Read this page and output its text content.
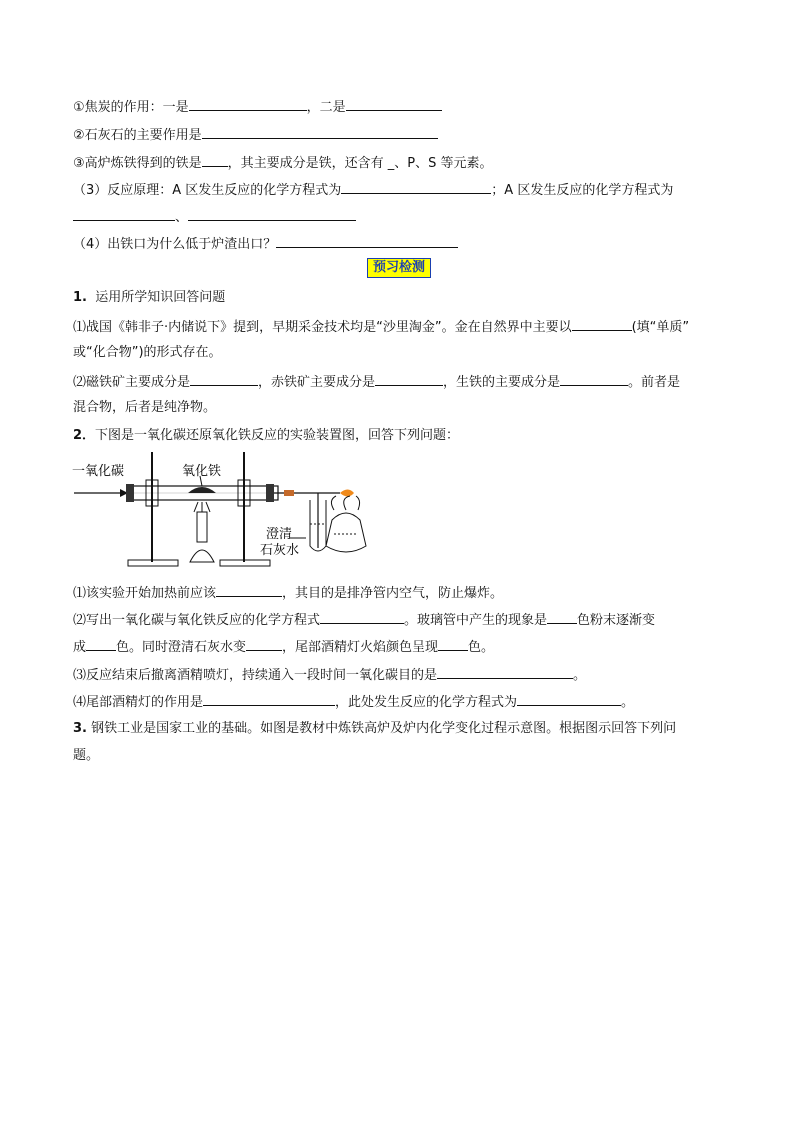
①焦炭的作用：一是	，二是
②石灰石的主要作用是
③高炉炼铁得到的铁是 ，其主要成分是铁，还含有 _、P、S 等元素。
（3）反应原理：A 区发生反应的化学方程式为	；A 区发生反应的化学方程式为
、
（4）出铁口为什么低于炉渣出口？
预习检测
1. 运用所学知识回答问题
⑴战国《韩非子·内储说下》提到，早期采金技术均是“沙里淘金”。金在自然界中主要以	(填“单质”
或“化合物”)的形式存在。
⑵磁铁矿主要成分是	，赤铁矿主要成分是	，生铁的主要成分是	。前者是
混合物，后者是纯净物。
2．下图是一氧化碳还原氧化铁反应的实验装置图，回答下列问题：
一氧化碳	氧化铁
澄清
石灰水
⑴该实验开始加热前应该	，其目的是排净管内空气，防止爆炸。
⑵写出一氧化碳与氧化铁反应的化学方程式	。玻璃管中产生的现象是 色粉末逐渐变
成 色。同时澄清石灰水变	，尾部酒精灯火焰颜色呈现 色。
⑶反应结束后撤离酒精喷灯，持续通入一段时间一氧化碳目的是	。
⑷尾部酒精灯的作用是	，此处发生反应的化学方程式为	。
3. 钢铁工业是国家工业的基础。如图是教材中炼铁高炉及炉内化学变化过程示意图。根据图示回答下列问
题。
